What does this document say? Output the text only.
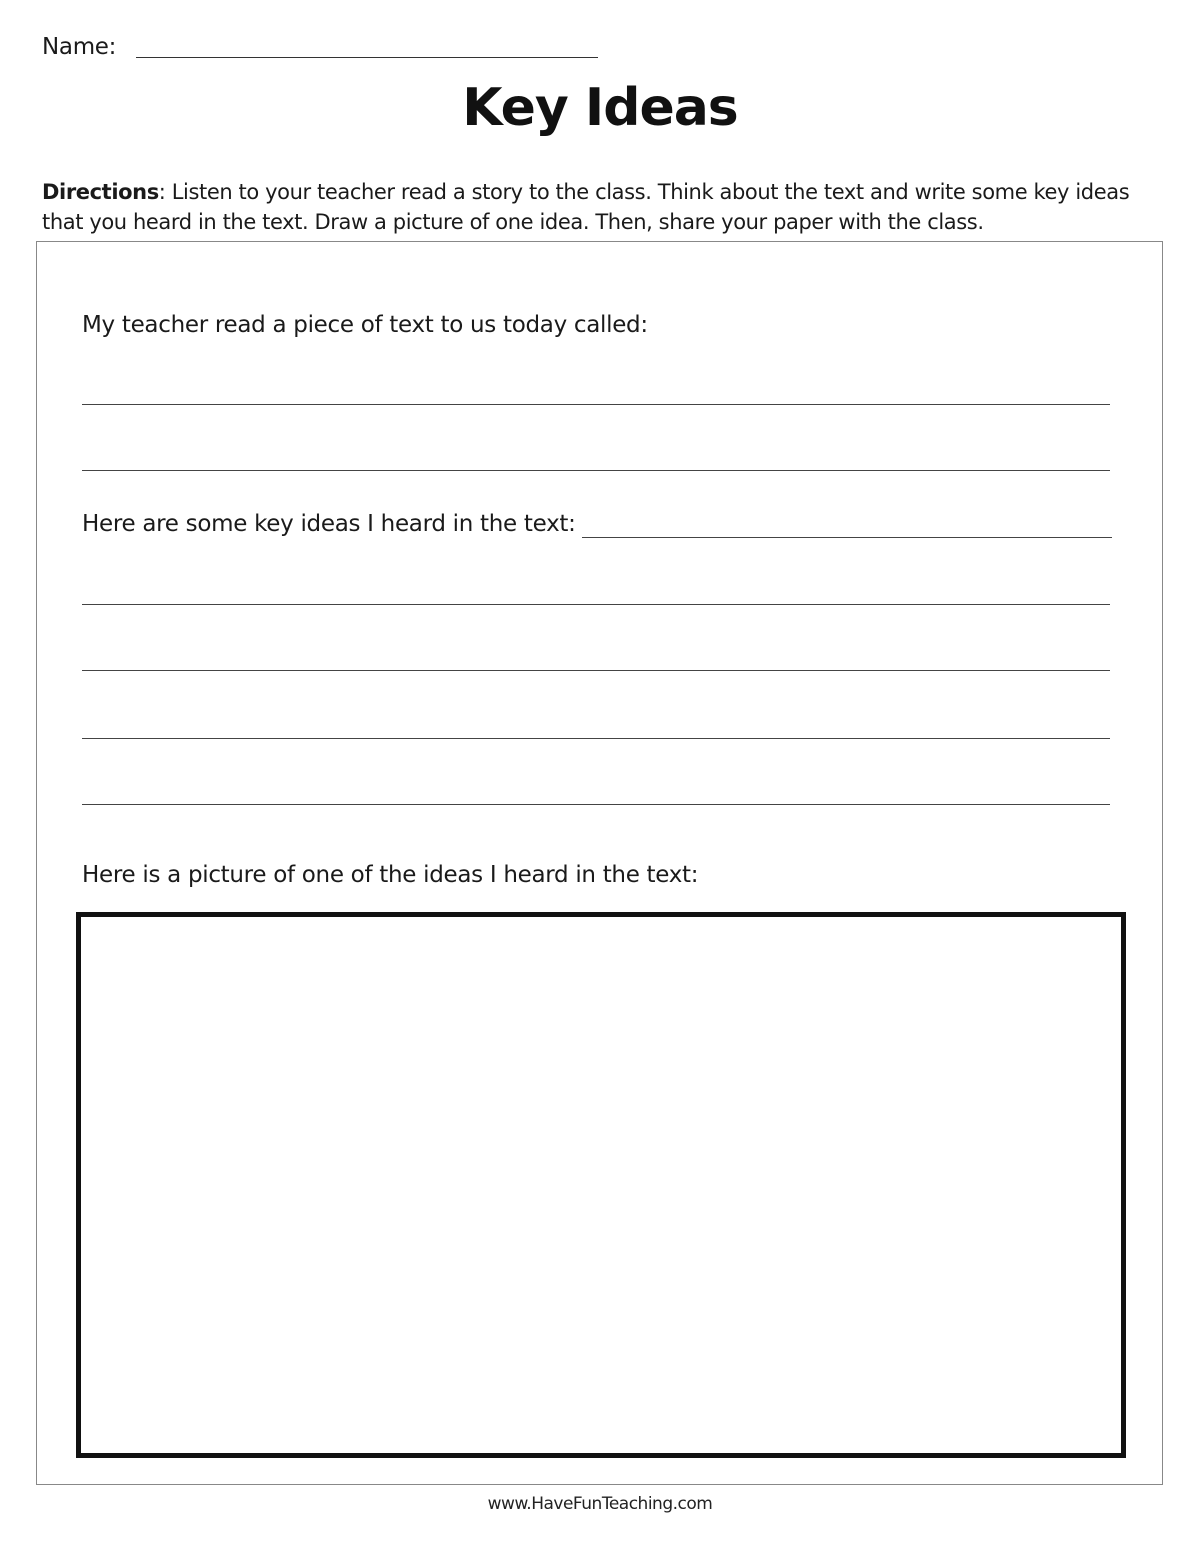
Name:
Key Ideas
Directions: Listen to your teacher read a story to the class. Think about the text and write some key ideas that you heard in the text. Draw a picture of one idea. Then, share your paper with the class.
My teacher read a piece of text to us today called:
Here are some key ideas I heard in the text:
Here is a picture of one of the ideas I heard in the text:
www.HaveFunTeaching.com
